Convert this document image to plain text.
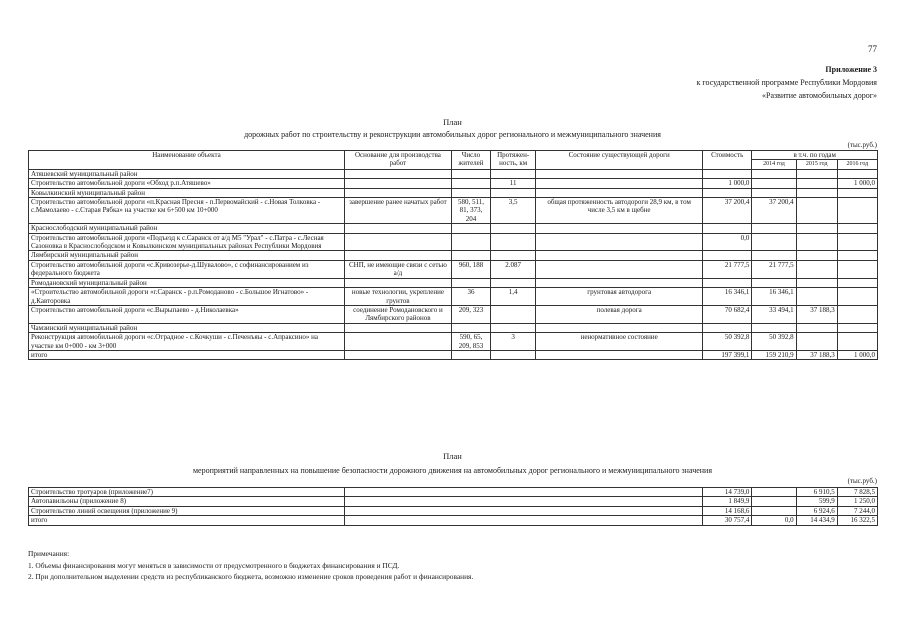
77
Приложение 3
к государственной программе Республики Мордовия
«Развитие автомобильных дорог»
План
дорожных работ по строительству и реконструкции автомобильных дорог регионального и межмуниципального значения
(тыс.руб.)
Наименование объекта	Основание для производства работ	Число жителей	Протяжен-ность, км	Состояние существующей дороги	Стоимость	в т.ч. по годам		
						2014 год	2015 год	2016 год
Атяшевский муниципальный район								
Строительство автомобильной дороги «Обход р.п.Атяшево»			11		1 000,0			1 000,0
Ковылкинский муниципальный район								
Строительство автомобильной дороги «п.Красная Пресня - п.Первомайский - с.Новая Толковка - с.Мамолаево - с.Старая Рябка» на участке км 6+500 км 10+000	завершение ранее начатых работ	580, 511, 81, 373, 204	3,5	общая протяженность автодороги 28,9 км, в том числе 3,5 км в щебне	37 200,4	37 200,4		
Краснослободский муниципальный район								
Строительство автомобильной дороги «Подъезд к с.Саранск от а/д М5 "Урал" - с.Патра - с.Лесная Сазоновка в Краснослободском и Ковылкинском муниципальных районах Республики Мордовия					0,0			
Лямбирский муниципальный район								
Строительство автомобильной дороги «с.Кривозерье-д.Шувалово», с софинансированием из федерального бюджета	СНП, не имеющие связи с сетью а/д	960, 188	2.087		21 777,5	21 777,5		
Ромодановский муниципальный район								
«Строительство автомобильной дороги «г.Саранск - р.п.Ромоданово - с.Большое Игнатово» - д.Кавторовка	новые технологии, укрепление грунтов	36	1,4	грунтовая автодорога	16 346,1	16 346,1		
Строительство автомобильной дороги «с.Вырыпаево - д.Николаевка»	соединение Ромодановского и Лямбирского районов	209, 323		полевая дорога	70 682,4	33 494,1	37 188,3	
Чамзинский муниципальный район								
Реконструкция автомобильной дороги «с.Отрадное - с.Кочкуши - с.Печенъяы - с.Апраксино» на участке км 0+000 - км 3+000		590, 65, 209, 853	3	ненормативное состояние	50 392,8	50 392,8		
итого					197 399,1	159 210,9	37 188,3	1 000,0
План
мероприятий направленных на повышение безопасности дорожного движения на автомобильных дорог регионального и межмуниципального значения
(тыс.руб.)
Строительство тротуаров (приложение7)		14 739,0		6 910,5	7 828,5
Автопавильоны (приложение 8)		1 849,9		599,9	1 250,0
Строительство линий освещения (приложение 9)		14 168,6		6 924,6	7 244,0
итого		30 757,4	0,0	14 434,9	16 322,5
Примечания:
1. Объемы финансирования могут меняться в зависимости от предусмотренного в бюджетах финансирования и ПСД.
2. При дополнительном выделении средств из республиканского бюджета, возможно изменение сроков проведения работ и финансирования.
